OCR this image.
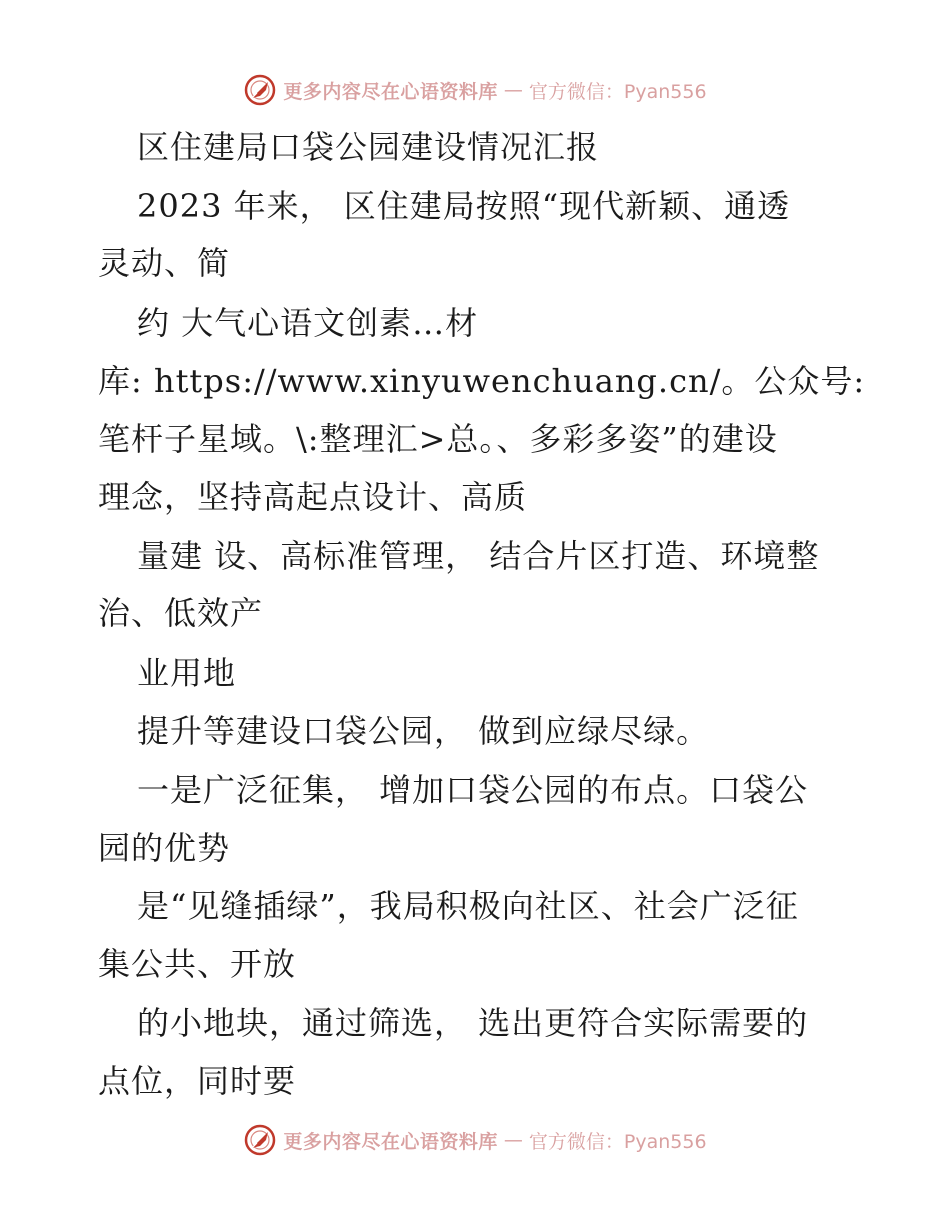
更多内容尽在心语资料库 — 官方微信：Pyan556
区住建局口袋公园建设情况汇报
2023 年来， 区住建局按照“现代新颖、通透
灵动、简
约 大气心语文创素…材
库: https://www.xinyuwenchuang.cn/。公众号:
笔杆子星域。\:整理汇>总。、多彩多姿”的建设
理念，坚持高起点设计、高质
量建 设、高标准管理， 结合片区打造、环境整
治、低效产
业用地
提升等建设口袋公园， 做到应绿尽绿。
一是广泛征集， 增加口袋公园的布点。口袋公
园的优势
是“见缝插绿”，我局积极向社区、社会广泛征
集公共、开放
的小地块，通过筛选， 选出更符合实际需要的
点位，同时要
更多内容尽在心语资料库 — 官方微信：Pyan556
